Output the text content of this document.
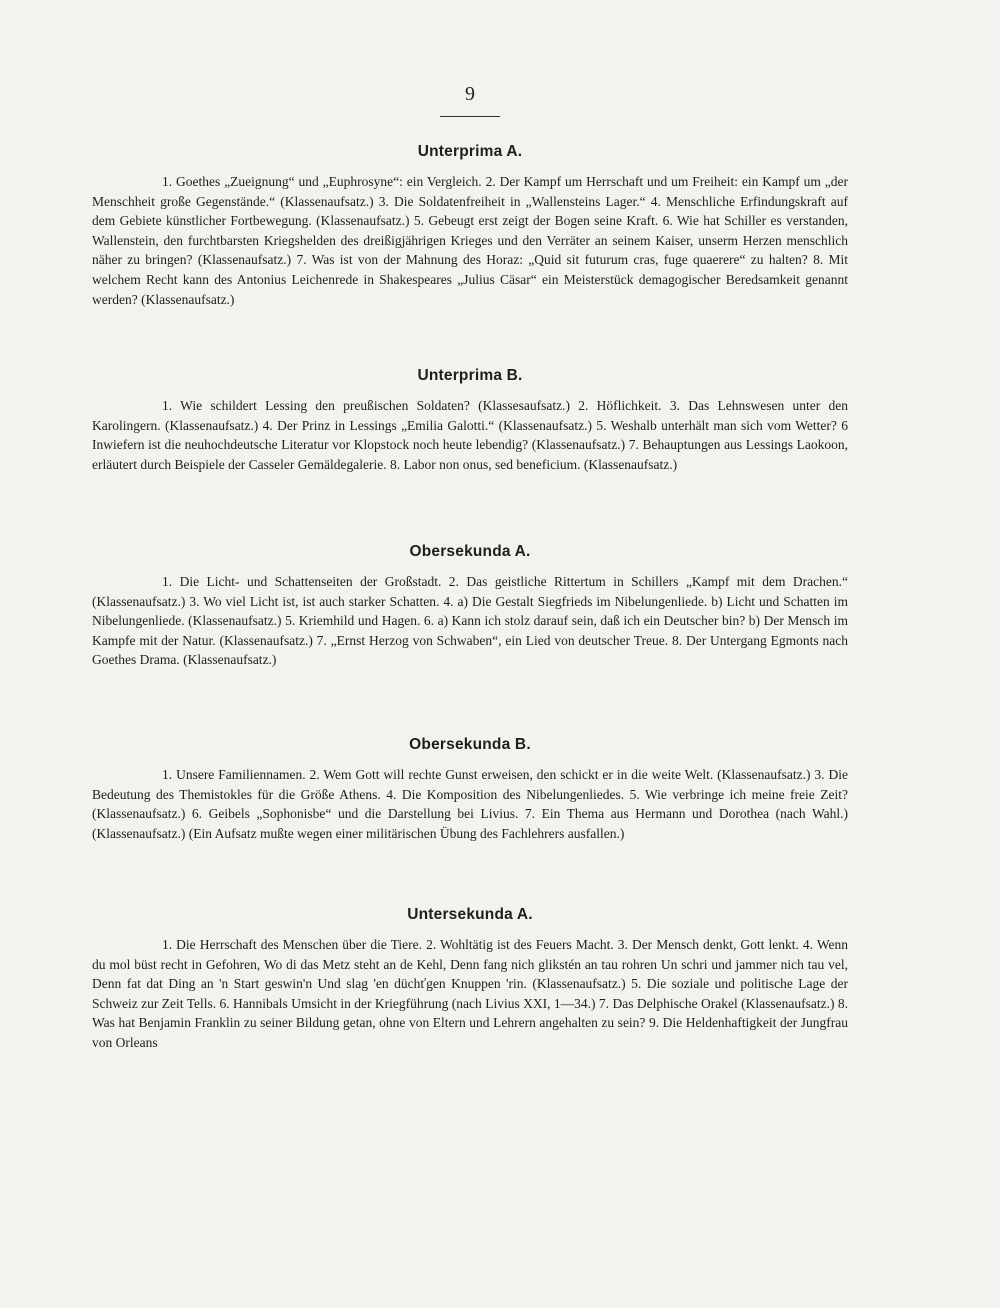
9
Unterprima A.

1. Goethes „Zueignung“ und „Euphrosyne“: ein Vergleich. 2. Der Kampf um Herrschaft und um Freiheit: ein Kampf um „der Menschheit große Gegenstände.“ (Klassenaufsatz.) 3. Die Soldatenfreiheit in „Wallensteins Lager.“ 4. Menschliche Erfindungskraft auf dem Gebiete künstlicher Fortbewegung. (Klassenaufsatz.) 5. Gebeugt erst zeigt der Bogen seine Kraft. 6. Wie hat Schiller es verstanden, Wallenstein, den furchtbarsten Kriegshelden des dreißigjährigen Krieges und den Verräter an seinem Kaiser, unserm Herzen menschlich näher zu bringen? (Klassenaufsatz.) 7. Was ist von der Mahnung des Horaz: „Quid sit futurum cras, fuge quaerere“ zu halten? 8. Mit welchem Recht kann des Antonius Leichenrede in Shakespeares „Julius Cäsar“ ein Meisterstück demagogischer Beredsamkeit genannt werden? (Klassenaufsatz.)

Unterprima B.

1. Wie schildert Lessing den preußischen Soldaten? (Klassesaufsatz.) 2. Höflichkeit. 3. Das Lehnswesen unter den Karolingern. (Klassenaufsatz.) 4. Der Prinz in Lessings „Emilia Galotti.“ (Klassenaufsatz.) 5. Weshalb unterhält man sich vom Wetter? 6 Inwiefern ist die neuhochdeutsche Literatur vor Klopstock noch heute lebendig? (Klassenaufsatz.) 7. Behauptungen aus Lessings Laokoon, erläutert durch Beispiele der Casseler Gemäldegalerie. 8. Labor non onus, sed beneficium. (Klassenaufsatz.)

Obersekunda A.

1. Die Licht- und Schattenseiten der Großstadt. 2. Das geistliche Rittertum in Schillers „Kampf mit dem Drachen.“ (Klassenaufsatz.) 3. Wo viel Licht ist, ist auch starker Schatten. 4. a) Die Gestalt Siegfrieds im Nibelungenliede. b) Licht und Schatten im Nibelungenliede. (Klassenaufsatz.) 5. Kriemhild und Hagen. 6. a) Kann ich stolz darauf sein, daß ich ein Deutscher bin? b) Der Mensch im Kampfe mit der Natur. (Klassenaufsatz.) 7. „Ernst Herzog von Schwaben“, ein Lied von deutscher Treue. 8. Der Untergang Egmonts nach Goethes Drama. (Klassenaufsatz.)

Obersekunda B.

1. Unsere Familiennamen. 2. Wem Gott will rechte Gunst erweisen, den schickt er in die weite Welt. (Klassenaufsatz.) 3. Die Bedeutung des Themistokles für die Größe Athens. 4. Die Komposition des Nibelungenliedes. 5. Wie verbringe ich meine freie Zeit? (Klassenaufsatz.) 6. Geibels „Sophonisbe“ und die Darstellung bei Livius. 7. Ein Thema aus Hermann und Dorothea (nach Wahl.) (Klassenaufsatz.) (Ein Aufsatz mußte wegen einer militärischen Übung des Fachlehrers ausfallen.)

Untersekunda A.

1. Die Herrschaft des Menschen über die Tiere. 2. Wohltätig ist des Feuers Macht. 3. Der Mensch denkt, Gott lenkt. 4. Wenn du mol büst recht in Gefohren, Wo di das Metz steht an de Kehl, Denn fang nich glikstén an tau rohren Un schri und jammer nich tau vel, Denn fat dat Ding an 'n Start geswin'n Und slag 'en düchťgen Knuppen 'rin. (Klassenaufsatz.) 5. Die soziale und politische Lage der Schweiz zur Zeit Tells. 6. Hannibals Umsicht in der Kriegführung (nach Livius XXI, 1—34.) 7. Das Delphische Orakel (Klassenaufsatz.) 8. Was hat Benjamin Franklin zu seiner Bildung getan, ohne von Eltern und Lehrern angehalten zu sein? 9. Die Heldenhaftigkeit der Jungfrau von Orleans
